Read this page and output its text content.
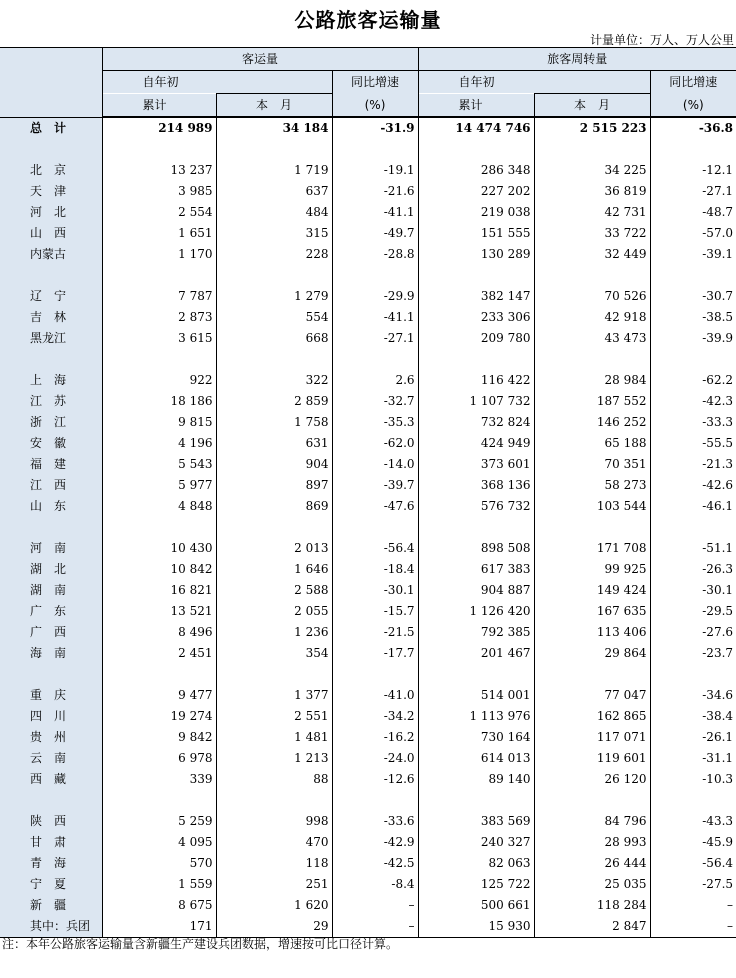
公路旅客运输量
计量单位：万人、万人公里
	客运量			旅客周转量		
	自年初		同比增速	自年初		同比增速
	累计	本　月	(%)	累计	本　月	(%)
总　计	214 989	34 184	-31.9	14 474 746	2 515 223	-36.8

北　京	13 237	1 719	-19.1	286 348	34 225	-12.1
天　津	3 985	637	-21.6	227 202	36 819	-27.1
河　北	2 554	484	-41.1	219 038	42 731	-48.7
山　西	1 651	315	-49.7	151 555	33 722	-57.0
内蒙古	1 170	228	-28.8	130 289	32 449	-39.1

辽　宁	7 787	1 279	-29.9	382 147	70 526	-30.7
吉　林	2 873	554	-41.1	233 306	42 918	-38.5
黑龙江	3 615	668	-27.1	209 780	43 473	-39.9

上　海	922	322	2.6	116 422	28 984	-62.2
江　苏	18 186	2 859	-32.7	1 107 732	187 552	-42.3
浙　江	9 815	1 758	-35.3	732 824	146 252	-33.3
安　徽	4 196	631	-62.0	424 949	65 188	-55.5
福　建	5 543	904	-14.0	373 601	70 351	-21.3
江　西	5 977	897	-39.7	368 136	58 273	-42.6
山　东	4 848	869	-47.6	576 732	103 544	-46.1

河　南	10 430	2 013	-56.4	898 508	171 708	-51.1
湖　北	10 842	1 646	-18.4	617 383	99 925	-26.3
湖　南	16 821	2 588	-30.1	904 887	149 424	-30.1
广　东	13 521	2 055	-15.7	1 126 420	167 635	-29.5
广　西	8 496	1 236	-21.5	792 385	113 406	-27.6
海　南	2 451	354	-17.7	201 467	29 864	-23.7

重　庆	9 477	1 377	-41.0	514 001	77 047	-34.6
四　川	19 274	2 551	-34.2	1 113 976	162 865	-38.4
贵　州	9 842	1 481	-16.2	730 164	117 071	-26.1
云　南	6 978	1 213	-24.0	614 013	119 601	-31.1
西　藏	339	88	-12.6	89 140	26 120	-10.3

陕　西	5 259	998	-33.6	383 569	84 796	-43.3
甘　肃	4 095	470	-42.9	240 327	28 993	-45.9
青　海	570	118	-42.5	82 063	26 444	-56.4
宁　夏	1 559	251	-8.4	125 722	25 035	-27.5
新　疆	8 675	1 620	–	500 661	118 284	–
其中：兵团	171	29	–	15 930	2 847	–
注：本年公路旅客运输量含新疆生产建设兵团数据，增速按可比口径计算。
